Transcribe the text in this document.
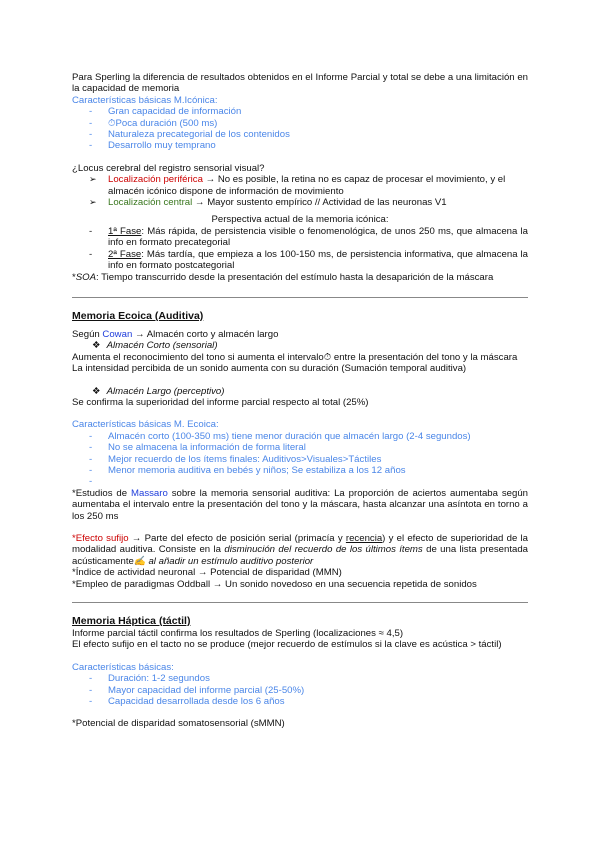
Para Sperling la diferencia de resultados obtenidos en el Informe Parcial y total se debe a una limitación en la capacidad de memoria

Características básicas M.Icónica:

- Gran capacidad de información
- ⏱Poca duración (500 ms)
- Naturaleza precategorial de los contenidos
- Desarrollo muy temprano

¿Locus cerebral del registro sensorial visual?

➢ Localización periférica → No es posible, la retina no es capaz de procesar el movimiento, y el almacén icónico dispone de información de movimiento
➢ Localización central → Mayor sustento empírico // Actividad de las neuronas V1

Perspectiva actual de la memoria icónica:

- 1ª Fase: Más rápida, de persistencia visible o fenomenológica, de unos 250 ms, que almacena la info en formato precategorial
- 2ª Fase: Más tardía, que empieza a los 100-150 ms, de persistencia informativa, que almacena la info en formato postcategorial

*SOA: Tiempo transcurrido desde la presentación del estímulo hasta la desaparición de la máscara

Memoria Ecoica (Auditiva)

Según Cowan → Almacén corto y almacén largo

❖ Almacén Corto (sensorial)

Aumenta el reconocimiento del tono si aumenta el intervalo⏱ entre la presentación del tono y la máscara

La intensidad percibida de un sonido aumenta con su duración (Sumación temporal auditiva)

❖ Almacén Largo (perceptivo)

Se confirma la superioridad del informe parcial respecto al total (25%)

Características básicas M. Ecoica:

- Almacén corto (100-350 ms) tiene menor duración que almacén largo (2-4 segundos)
- No se almacena la información de forma literal
- Mejor recuerdo de los ítems finales: Auditivos>Visuales>Táctiles
- Menor memoria auditiva en bebés y niños; Se estabiliza a los 12 años
-

*Estudios de Massaro sobre la memoria sensorial auditiva: La proporción de aciertos aumentaba según aumentaba el intervalo entre la presentación del tono y la máscara, hasta alcanzar una asíntota en torno a los 250 ms

*Efecto sufijo → Parte del efecto de posición serial (primacía y recencia) y el efecto de superioridad de la modalidad auditiva. Consiste en la disminución del recuerdo de los últimos ítems de una lista presentada acústicamente✍ al añadir un estímulo auditivo posterior

*Índice de actividad neuronal → Potencial de disparidad (MMN)

*Empleo de paradigmas Oddball → Un sonido novedoso en una secuencia repetida de sonidos

Memoria Háptica (táctil)

Informe parcial táctil confirma los resultados de Sperling (localizaciones ≈ 4,5)

El efecto sufijo en el tacto no se produce (mejor recuerdo de estímulos si la clave es acústica > táctil)

Características básicas:

- Duración: 1-2 segundos
- Mayor capacidad del informe parcial (25-50%)
- Capacidad desarrollada desde los 6 años

*Potencial de disparidad somatosensorial (sMMN)
